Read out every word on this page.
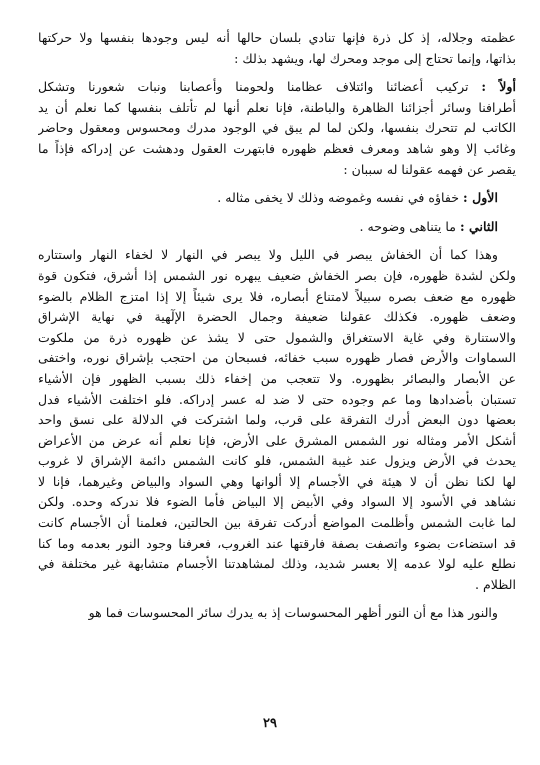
عظمته وجلاله، إذ كل ذرة فإنها تنادي بلسان حالها أنه ليس وجودها بنفسها ولا حركتها
بذاتها، وإنما تحتاج إلى موجد ومحرك لها، ويشهد بذلك :
أولاً : تركيب أعضائنا وائتلاف عظامنا ولحومنا وأعصابنا ونبات شعورنا وتشكل
أطرافنا وسائر أجزائنا الظاهرة والباطنة، فإنا نعلم أنها لم تأتلف بنفسها كما نعلم أن يد
الكاتب لم تتحرك بنفسها، ولكن لما لم يبق في الوجود مدرك ومحسوس ومعقول وحاضر
وغائب إلا وهو شاهد ومعرف فعظم ظهوره فابتهرت العقول ودهشت عن إدراكه فإذاً ما
يقصر عن فهمه عقولنا له سببان :
الأول : خفاؤه في نفسه وغموضه وذلك لا يخفى مثاله .
الثاني : ما يتناهى وضوحه .
وهذا كما أن الخفاش يبصر في الليل ولا يبصر في النهار لا لخفاء النهار واستتاره
ولكن لشدة ظهوره، فإن بصر الخفاش ضعيف يبهره نور الشمس إذا أشرق، فتكون قوة
ظهوره مع ضعف بصره سبيلاً لامتناع أبصاره، فلا يرى شيئاً إلا إذا امتزج الظلام بالضوء
وضعف ظهوره. فكذلك عقولنا ضعيفة وجمال الحضرة الإلٓهية في نهاية الإشراق
والاستنارة وفي غاية الاستغراق والشمول حتى لا يشذ عن ظهوره ذرة من ملكوت
السماوات والأرض فصار ظهوره سبب خفائه، فسبحان من احتجب بإشراق نوره، واختفى
عن الأبصار والبصائر بظهوره. ولا تتعجب من إخفاء ذلك بسبب الظهور فإن الأشياء
تستبان بأضدادها وما عم وجوده حتى لا ضد له عسر إدراكه. فلو اختلفت الأشياء فدل
بعضها دون البعض أدرك التفرقة على قرب، ولما اشتركت في الدلالة على نسق واحد
أشكل الأمر ومثاله نور الشمس المشرق على الأرض، فإنا نعلم أنه عرض من الأعراض
يحدث في الأرض ويزول عند غيبة الشمس، فلو كانت الشمس دائمة الإشراق لا غروب
لها لكنا نظن أن لا هيئة في الأجسام إلا ألوانها وهي السواد والبياض وغيرهما، فإنا لا
نشاهد في الأسود إلا السواد وفي الأبيض إلا البياض فأما الضوء فلا ندركه وحده. ولكن
لما غابت الشمس وأظلمت المواضع أدركت تفرقة بين الحالتين، فعلمنا أن الأجسام كانت
قد استضاءت بضوء واتصفت بصفة فارقتها عند الغروب، فعرفنا وجود النور بعدمه وما كنا
نطلع عليه لولا عدمه إلا بعسر شديد، وذلك لمشاهدتنا الأجسام متشابهة غير مختلفة في
الظلام .
والنور هذا مع أن النور أظهر المحسوسات إذ به يدرك سائر المحسوسات فما هو
٢٩
